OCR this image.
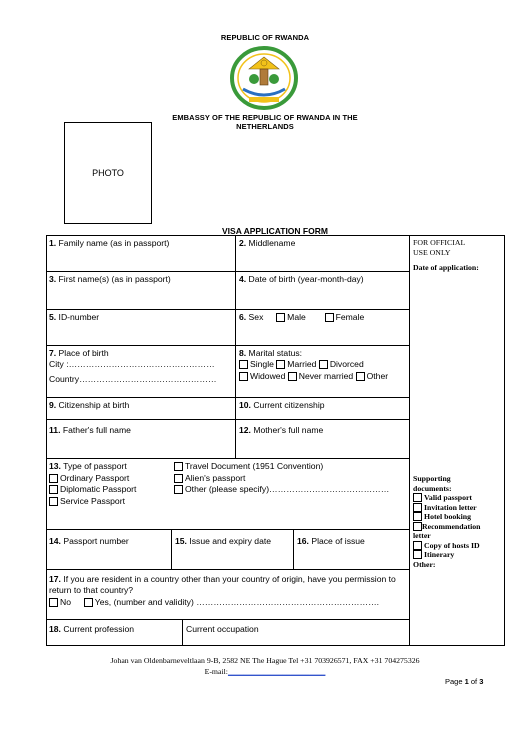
REPUBLIC OF RWANDA
EMBASSY OF THE REPUBLIC OF RWANDA IN THE NETHERLANDS
PHOTO
VISA APPLICATION FORM
FOR OFFICIAL
USE ONLY
Date of application:
Supporting
documents:
Valid passport
Invitation letter
Hotel booking
Recommendation
letter
Copy of hosts ID
Itinerary
Other:
1. Family name (as in passport)	2. Middlename
3. First name(s) (as in passport)	4. Date of birth (year-month-day)
5. ID-number	6. Sex	Male	Female
7. Place of birth
City :……………………………………………
Country…………………………………………
8. Marital status:
Single Married Divorced
Widowed Never married Other
9. Citizenship at birth	10. Current citizenship
11. Father's full name	12. Mother's full name
13. Type of passport
Ordinary Passport
Diplomatic Passport
Service Passport
Travel Document (1951 Convention)
Alien's passport
Other (please specify)……………………………………
14. Passport number	15. Issue and expiry date	16. Place of issue
17. If you are resident in a country other than your country of origin, have you permission to return to that country?
No	Yes, (number and validity) ……………………………………………………….
18. Current profession	Current occupation
Johan van Oldenbarneveltlaan 9-B, 2582 NE The Hague Tel +31 703926571, FAX +31 704275326
E-mail:_________________________
Page 1 of 3
